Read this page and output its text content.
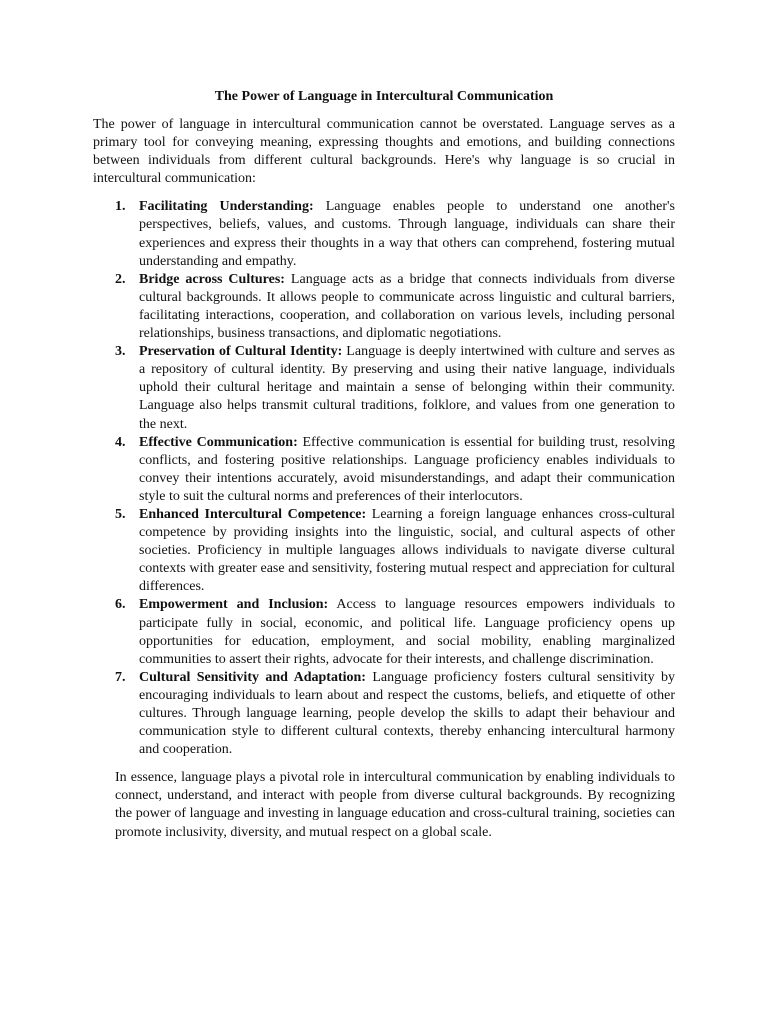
The Power of Language in Intercultural Communication

The power of language in intercultural communication cannot be overstated. Language serves as a primary tool for conveying meaning, expressing thoughts and emotions, and building connections between individuals from different cultural backgrounds. Here's why language is so crucial in intercultural communication:

1. Facilitating Understanding: Language enables people to understand one another's perspectives, beliefs, values, and customs. Through language, individuals can share their experiences and express their thoughts in a way that others can comprehend, fostering mutual understanding and empathy.
2. Bridge across Cultures: Language acts as a bridge that connects individuals from diverse cultural backgrounds. It allows people to communicate across linguistic and cultural barriers, facilitating interactions, cooperation, and collaboration on various levels, including personal relationships, business transactions, and diplomatic negotiations.
3. Preservation of Cultural Identity: Language is deeply intertwined with culture and serves as a repository of cultural identity. By preserving and using their native language, individuals uphold their cultural heritage and maintain a sense of belonging within their community. Language also helps transmit cultural traditions, folklore, and values from one generation to the next.
4. Effective Communication: Effective communication is essential for building trust, resolving conflicts, and fostering positive relationships. Language proficiency enables individuals to convey their intentions accurately, avoid misunderstandings, and adapt their communication style to suit the cultural norms and preferences of their interlocutors.
5. Enhanced Intercultural Competence: Learning a foreign language enhances cross-cultural competence by providing insights into the linguistic, social, and cultural aspects of other societies. Proficiency in multiple languages allows individuals to navigate diverse cultural contexts with greater ease and sensitivity, fostering mutual respect and appreciation for cultural differences.
6. Empowerment and Inclusion: Access to language resources empowers individuals to participate fully in social, economic, and political life. Language proficiency opens up opportunities for education, employment, and social mobility, enabling marginalized communities to assert their rights, advocate for their interests, and challenge discrimination.
7. Cultural Sensitivity and Adaptation: Language proficiency fosters cultural sensitivity by encouraging individuals to learn about and respect the customs, beliefs, and etiquette of other cultures. Through language learning, people develop the skills to adapt their behaviour and communication style to different cultural contexts, thereby enhancing intercultural harmony and cooperation.

In essence, language plays a pivotal role in intercultural communication by enabling individuals to connect, understand, and interact with people from diverse cultural backgrounds. By recognizing the power of language and investing in language education and cross-cultural training, societies can promote inclusivity, diversity, and mutual respect on a global scale.
